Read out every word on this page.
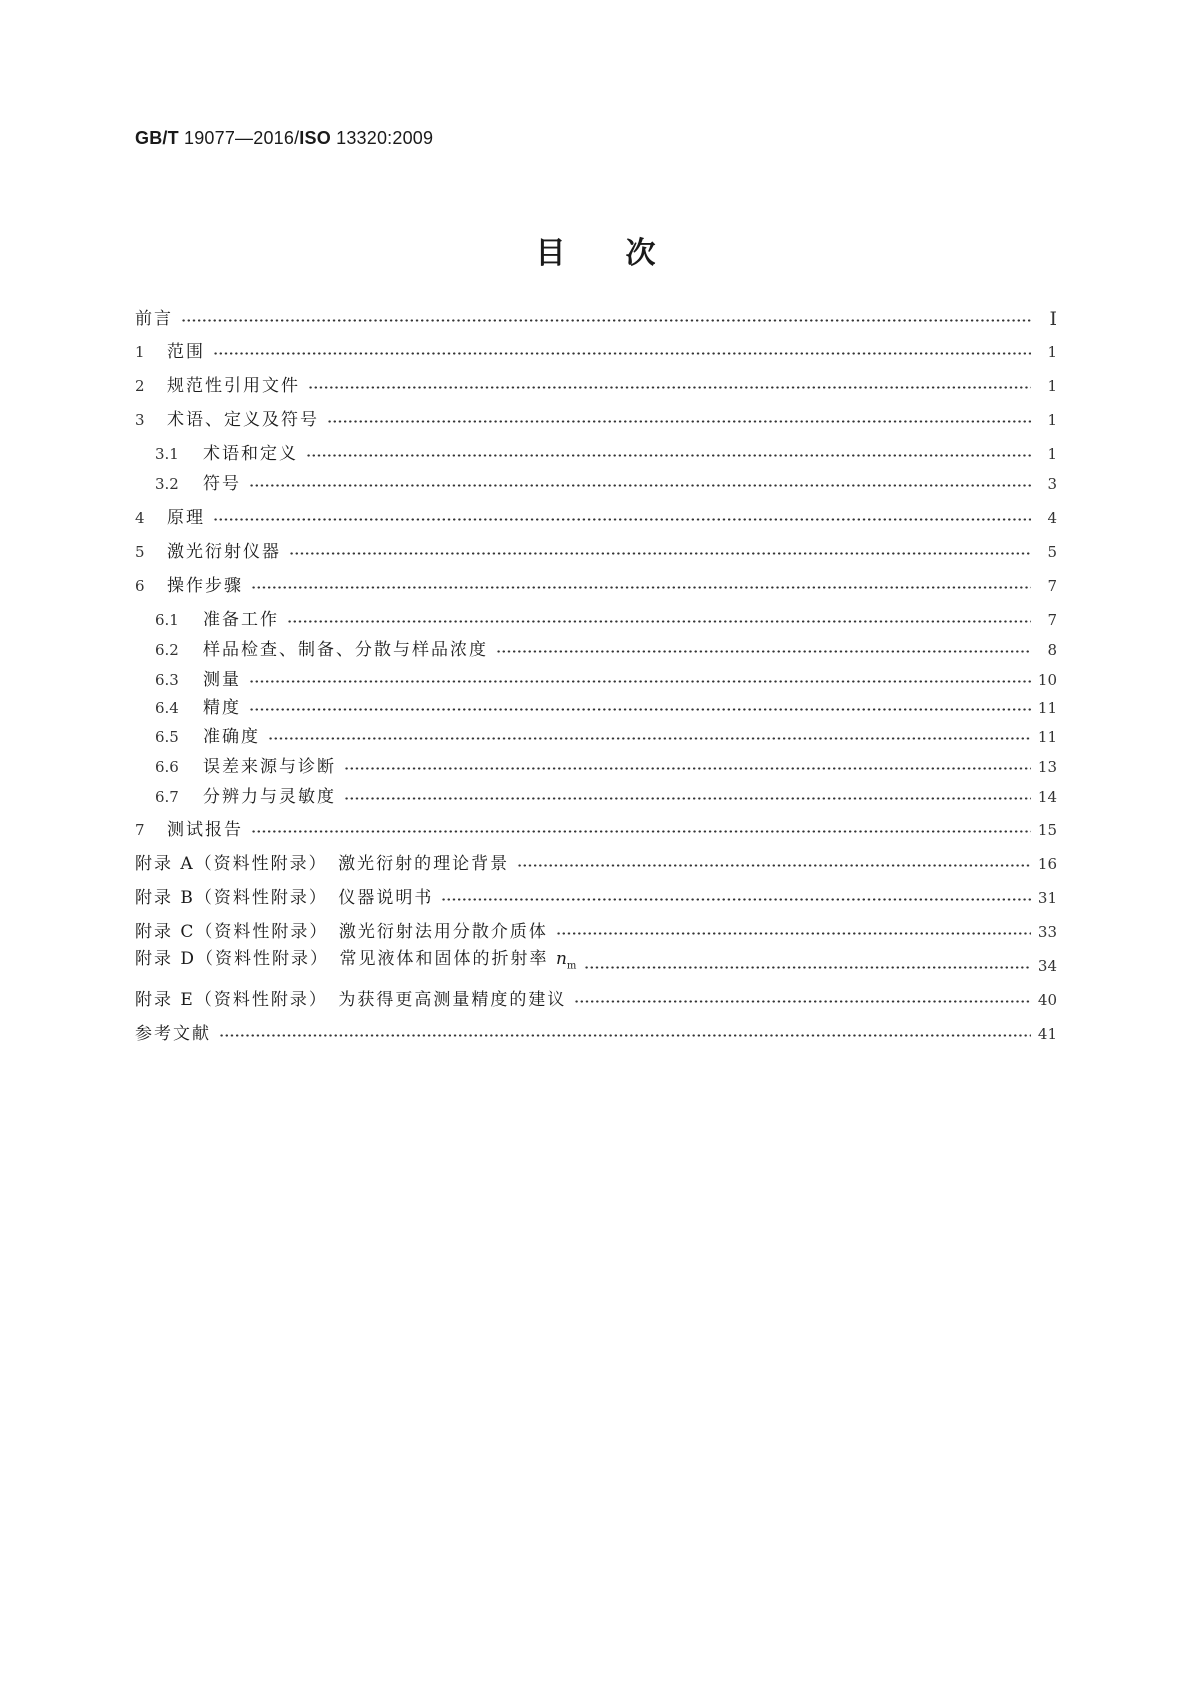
GB/T 19077—2016/ISO 13320:2009
目次
前言	Ⅰ
1	范围	1
2	规范性引用文件	1
3	术语、定义及符号	1
3.1	术语和定义	1
3.2	符号	3
4	原理	4
5	激光衍射仪器	5
6	操作步骤	7
6.1	准备工作	7
6.2	样品检查、制备、分散与样品浓度	8
6.3	测量	10
6.4	精度	11
6.5	准确度	11
6.6	误差来源与诊断	13
6.7	分辨力与灵敏度	14
7	测试报告	15
附录 A（资料性附录）　激光衍射的理论背景	16
附录 B（资料性附录）　仪器说明书	31
附录 C（资料性附录）　激光衍射法用分散介质体	33
附录 D（资料性附录）　常见液体和固体的折射率 $n_m$	34
附录 E（资料性附录）　为获得更高测量精度的建议	40
参考文献	41
